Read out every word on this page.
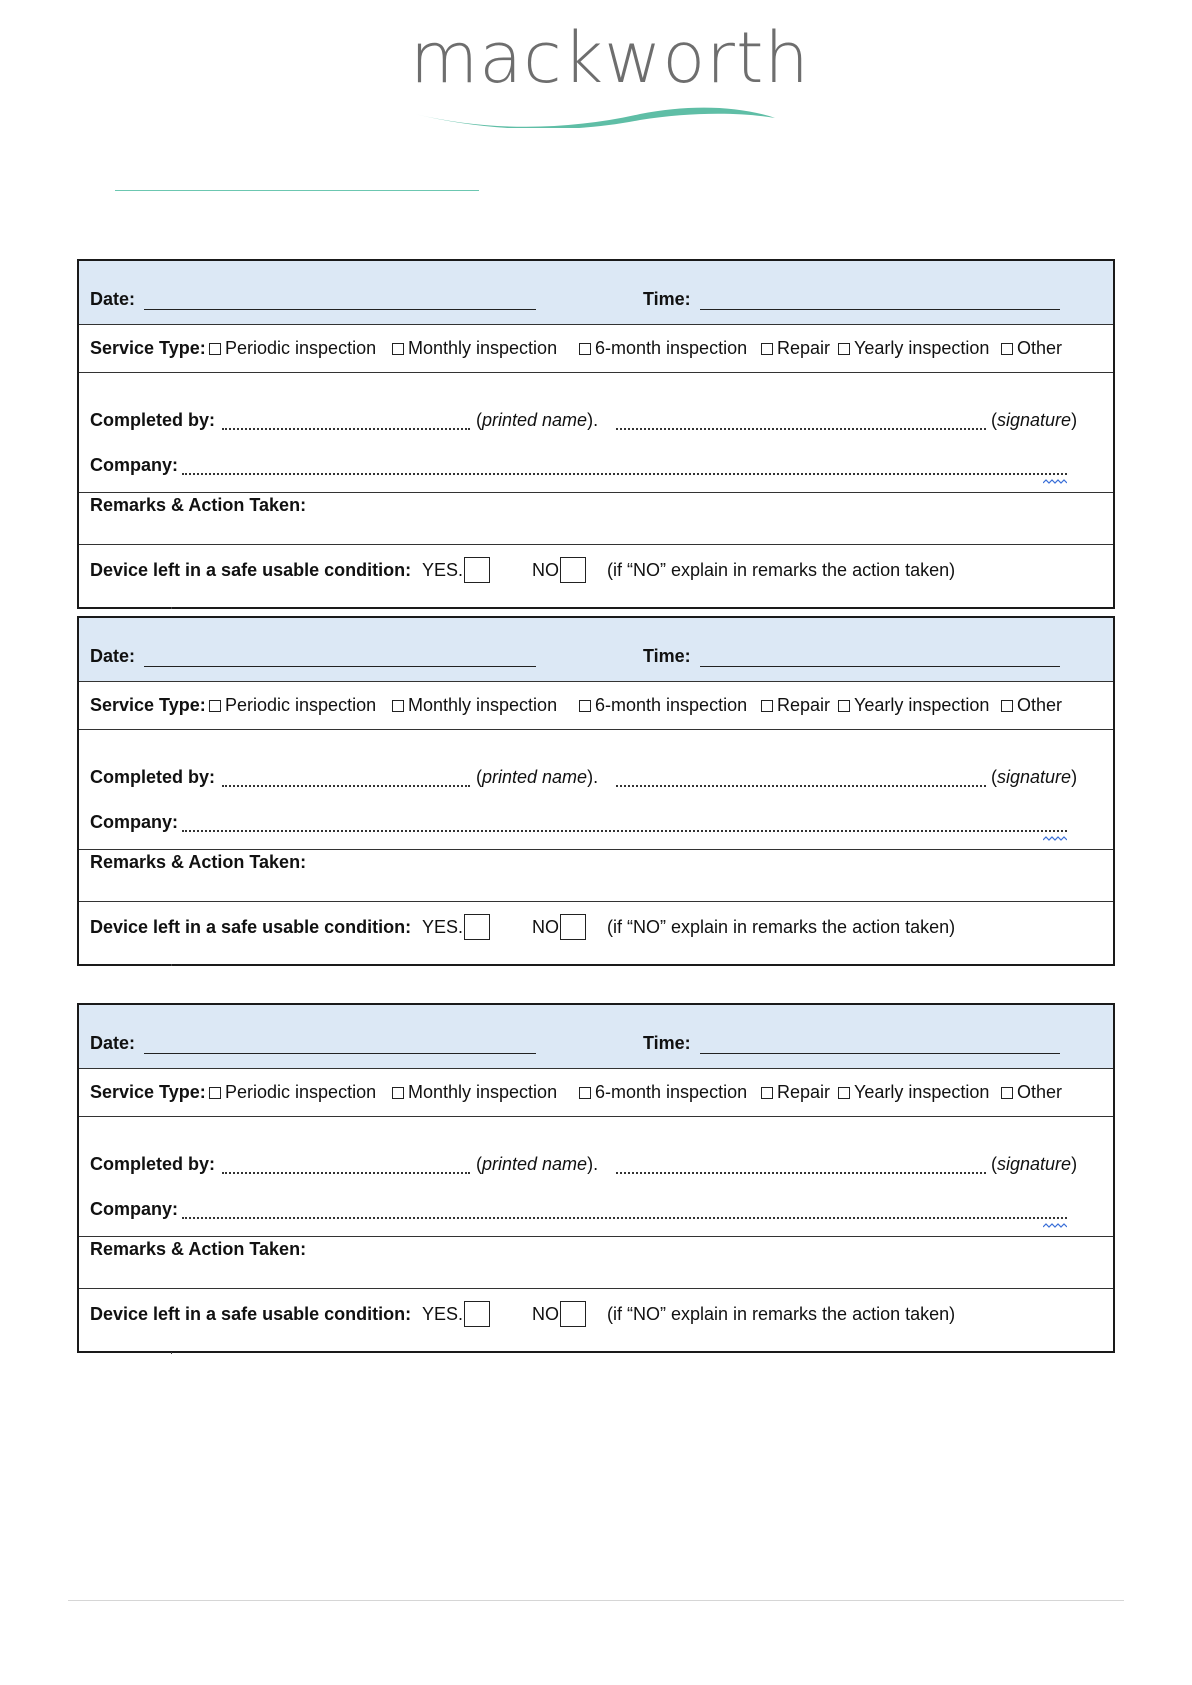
mackworth
Date:	Time:
Service Type:	Periodic inspection	Monthly inspection	6-month inspection	Repair	Yearly inspection	Other
Completed by:	(printed name).	(signature)
Company:
Remarks & Action Taken:
Device left in a safe usable condition: YES.	NO	(if “NO” explain in remarks the action taken)
Date:	Time:
Service Type:	Periodic inspection	Monthly inspection	6-month inspection	Repair	Yearly inspection	Other
Completed by:	(printed name).	(signature)
Company:
Remarks & Action Taken:
Device left in a safe usable condition: YES.	NO	(if “NO” explain in remarks the action taken)
Date:	Time:
Service Type:	Periodic inspection	Monthly inspection	6-month inspection	Repair	Yearly inspection	Other
Completed by:	(printed name).	(signature)
Company:
Remarks & Action Taken:
Device left in a safe usable condition: YES.	NO	(if “NO” explain in remarks the action taken)
